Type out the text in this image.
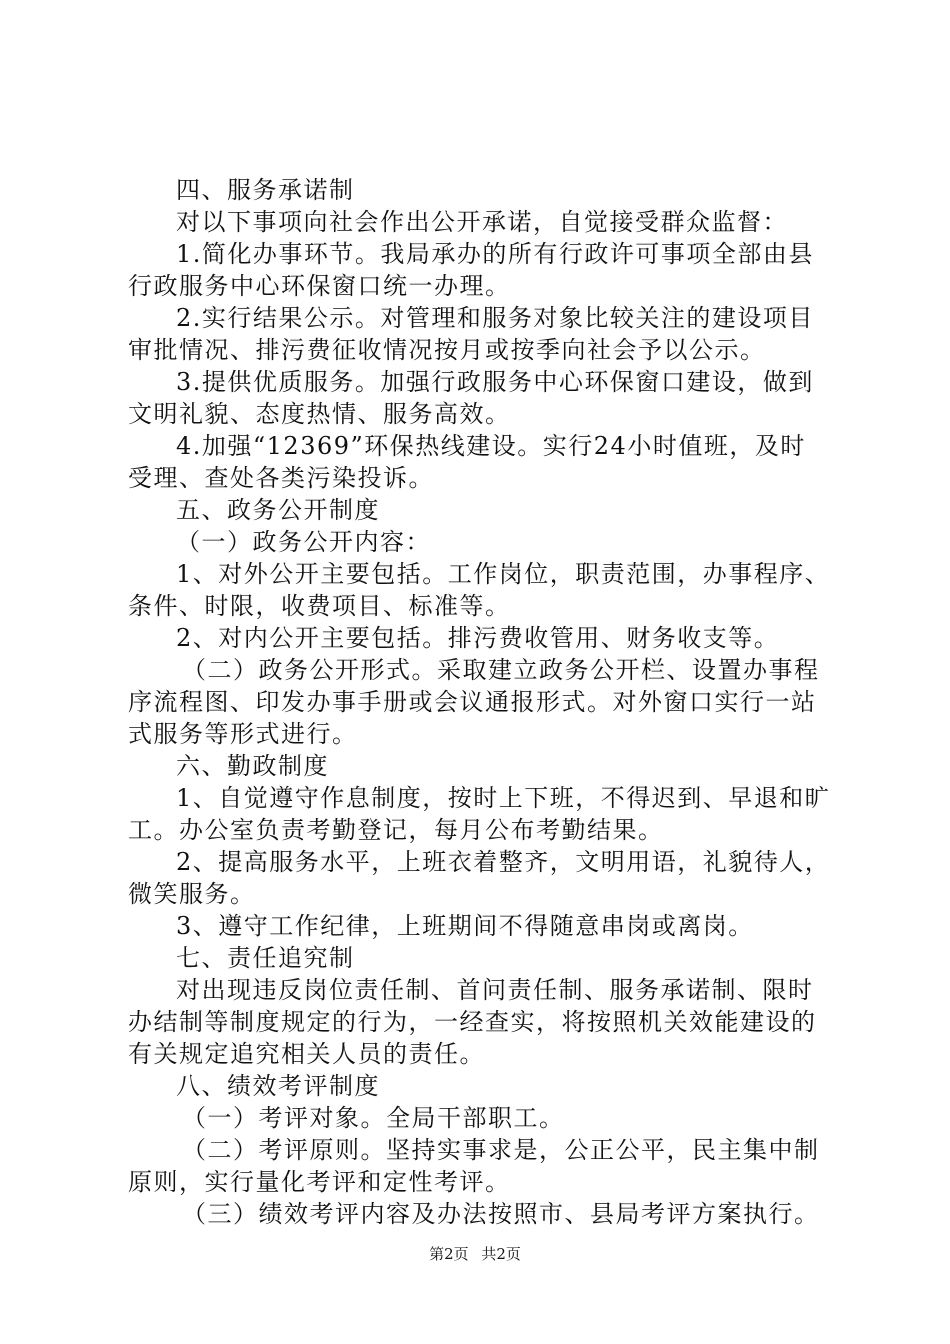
四、服务承诺制
对以下事项向社会作出公开承诺，自觉接受群众监督：
1.简化办事环节。我局承办的所有行政许可事项全部由县
行政服务中心环保窗口统一办理。
2.实行结果公示。对管理和服务对象比较关注的建设项目
审批情况、排污费征收情况按月或按季向社会予以公示。
3.提供优质服务。加强行政服务中心环保窗口建设，做到
文明礼貌、态度热情、服务高效。
4.加强“12369”环保热线建设。实行24小时值班，及时
受理、查处各类污染投诉。
五、政务公开制度
（一）政务公开内容：
1、对外公开主要包括。工作岗位，职责范围，办事程序、
条件、时限，收费项目、标准等。
2、对内公开主要包括。排污费收管用、财务收支等。
（二）政务公开形式。采取建立政务公开栏、设置办事程
序流程图、印发办事手册或会议通报形式。对外窗口实行一站
式服务等形式进行。
六、勤政制度
1、自觉遵守作息制度，按时上下班，不得迟到、早退和旷
工。办公室负责考勤登记，每月公布考勤结果。
2、提高服务水平，上班衣着整齐，文明用语，礼貌待人，
微笑服务。
3、遵守工作纪律，上班期间不得随意串岗或离岗。
七、责任追究制
对出现违反岗位责任制、首问责任制、服务承诺制、限时
办结制等制度规定的行为，一经查实，将按照机关效能建设的
有关规定追究相关人员的责任。
八、绩效考评制度
（一）考评对象。全局干部职工。
（二）考评原则。坚持实事求是，公正公平，民主集中制
原则，实行量化考评和定性考评。
（三）绩效考评内容及办法按照市、县局考评方案执行。
第2页 共2页
